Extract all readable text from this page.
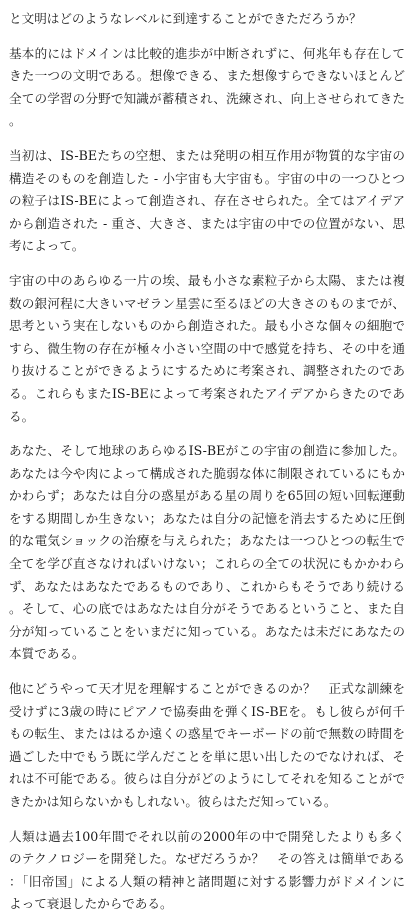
と文明はどのようなレベルに到達することができただろうか？

基本的にはドメインは比較的進歩が中断されずに、何兆年も存在してきた一つの文明である。想像できる、また想像すらできないほとんど全ての学習の分野で知識が蓄積され、洗練され、向上させられてきた。

当初は、IS-BEたちの空想、または発明の相互作用が物質的な宇宙の構造そのものを創造した - 小宇宙も大宇宙も。宇宙の中の一つひとつの粒子はIS-BEによって創造され、存在させられた。全てはアイデアから創造された - 重さ、大きさ、または宇宙の中での位置がない、思考によって。

宇宙の中のあらゆる一片の埃、最も小さな素粒子から太陽、または複数の銀河程に大きいマゼラン星雲に至るほどの大きさのものまでが、思考という実在しないものから創造された。最も小さな個々の細胞ですら、微生物の存在が極々小さい空間の中で感覚を持ち、その中を通り抜けることができるようにするために考案され、調整されたのである。これらもまたIS-BEによって考案されたアイデアからきたのである。

あなた、そして地球のあらゆるIS-BEがこの宇宙の創造に参加した。あなたは今や肉によって構成された脆弱な体に制限されているにもかかわらず；あなたは自分の惑星がある星の周りを65回の短い回転運動をする期間しか生きない；あなたは自分の記憶を消去するために圧倒的な電気ショックの治療を与えられた；あなたは一つひとつの転生で全てを学び直さなければいけない；これらの全ての状況にもかかわらず、あなたはあなたであるものであり、これからもそうであり続ける。そして、心の底ではあなたは自分がそうであるということ、また自分が知っていることをいまだに知っている。あなたは未だにあなたの本質である。

他にどうやって天才児を理解することができるのか？　正式な訓練を受けずに3歳の時にピアノで協奏曲を弾くIS-BEを。もし彼らが何千もの転生、またははるか遠くの惑星でキーボードの前で無数の時間を過ごした中でもう既に学んだことを単に思い出したのでなければ、それは不可能である。彼らは自分がどのようにしてそれを知ることができたかは知らないかもしれない。彼らはただ知っている。

人類は過去100年間でそれ以前の2000年の中で開発したよりも多くのテクノロジーを開発した。なぜだろうか？　その答えは簡単である：「旧帝国」による人類の精神と諸問題に対する影響力がドメインによって衰退したからである。
